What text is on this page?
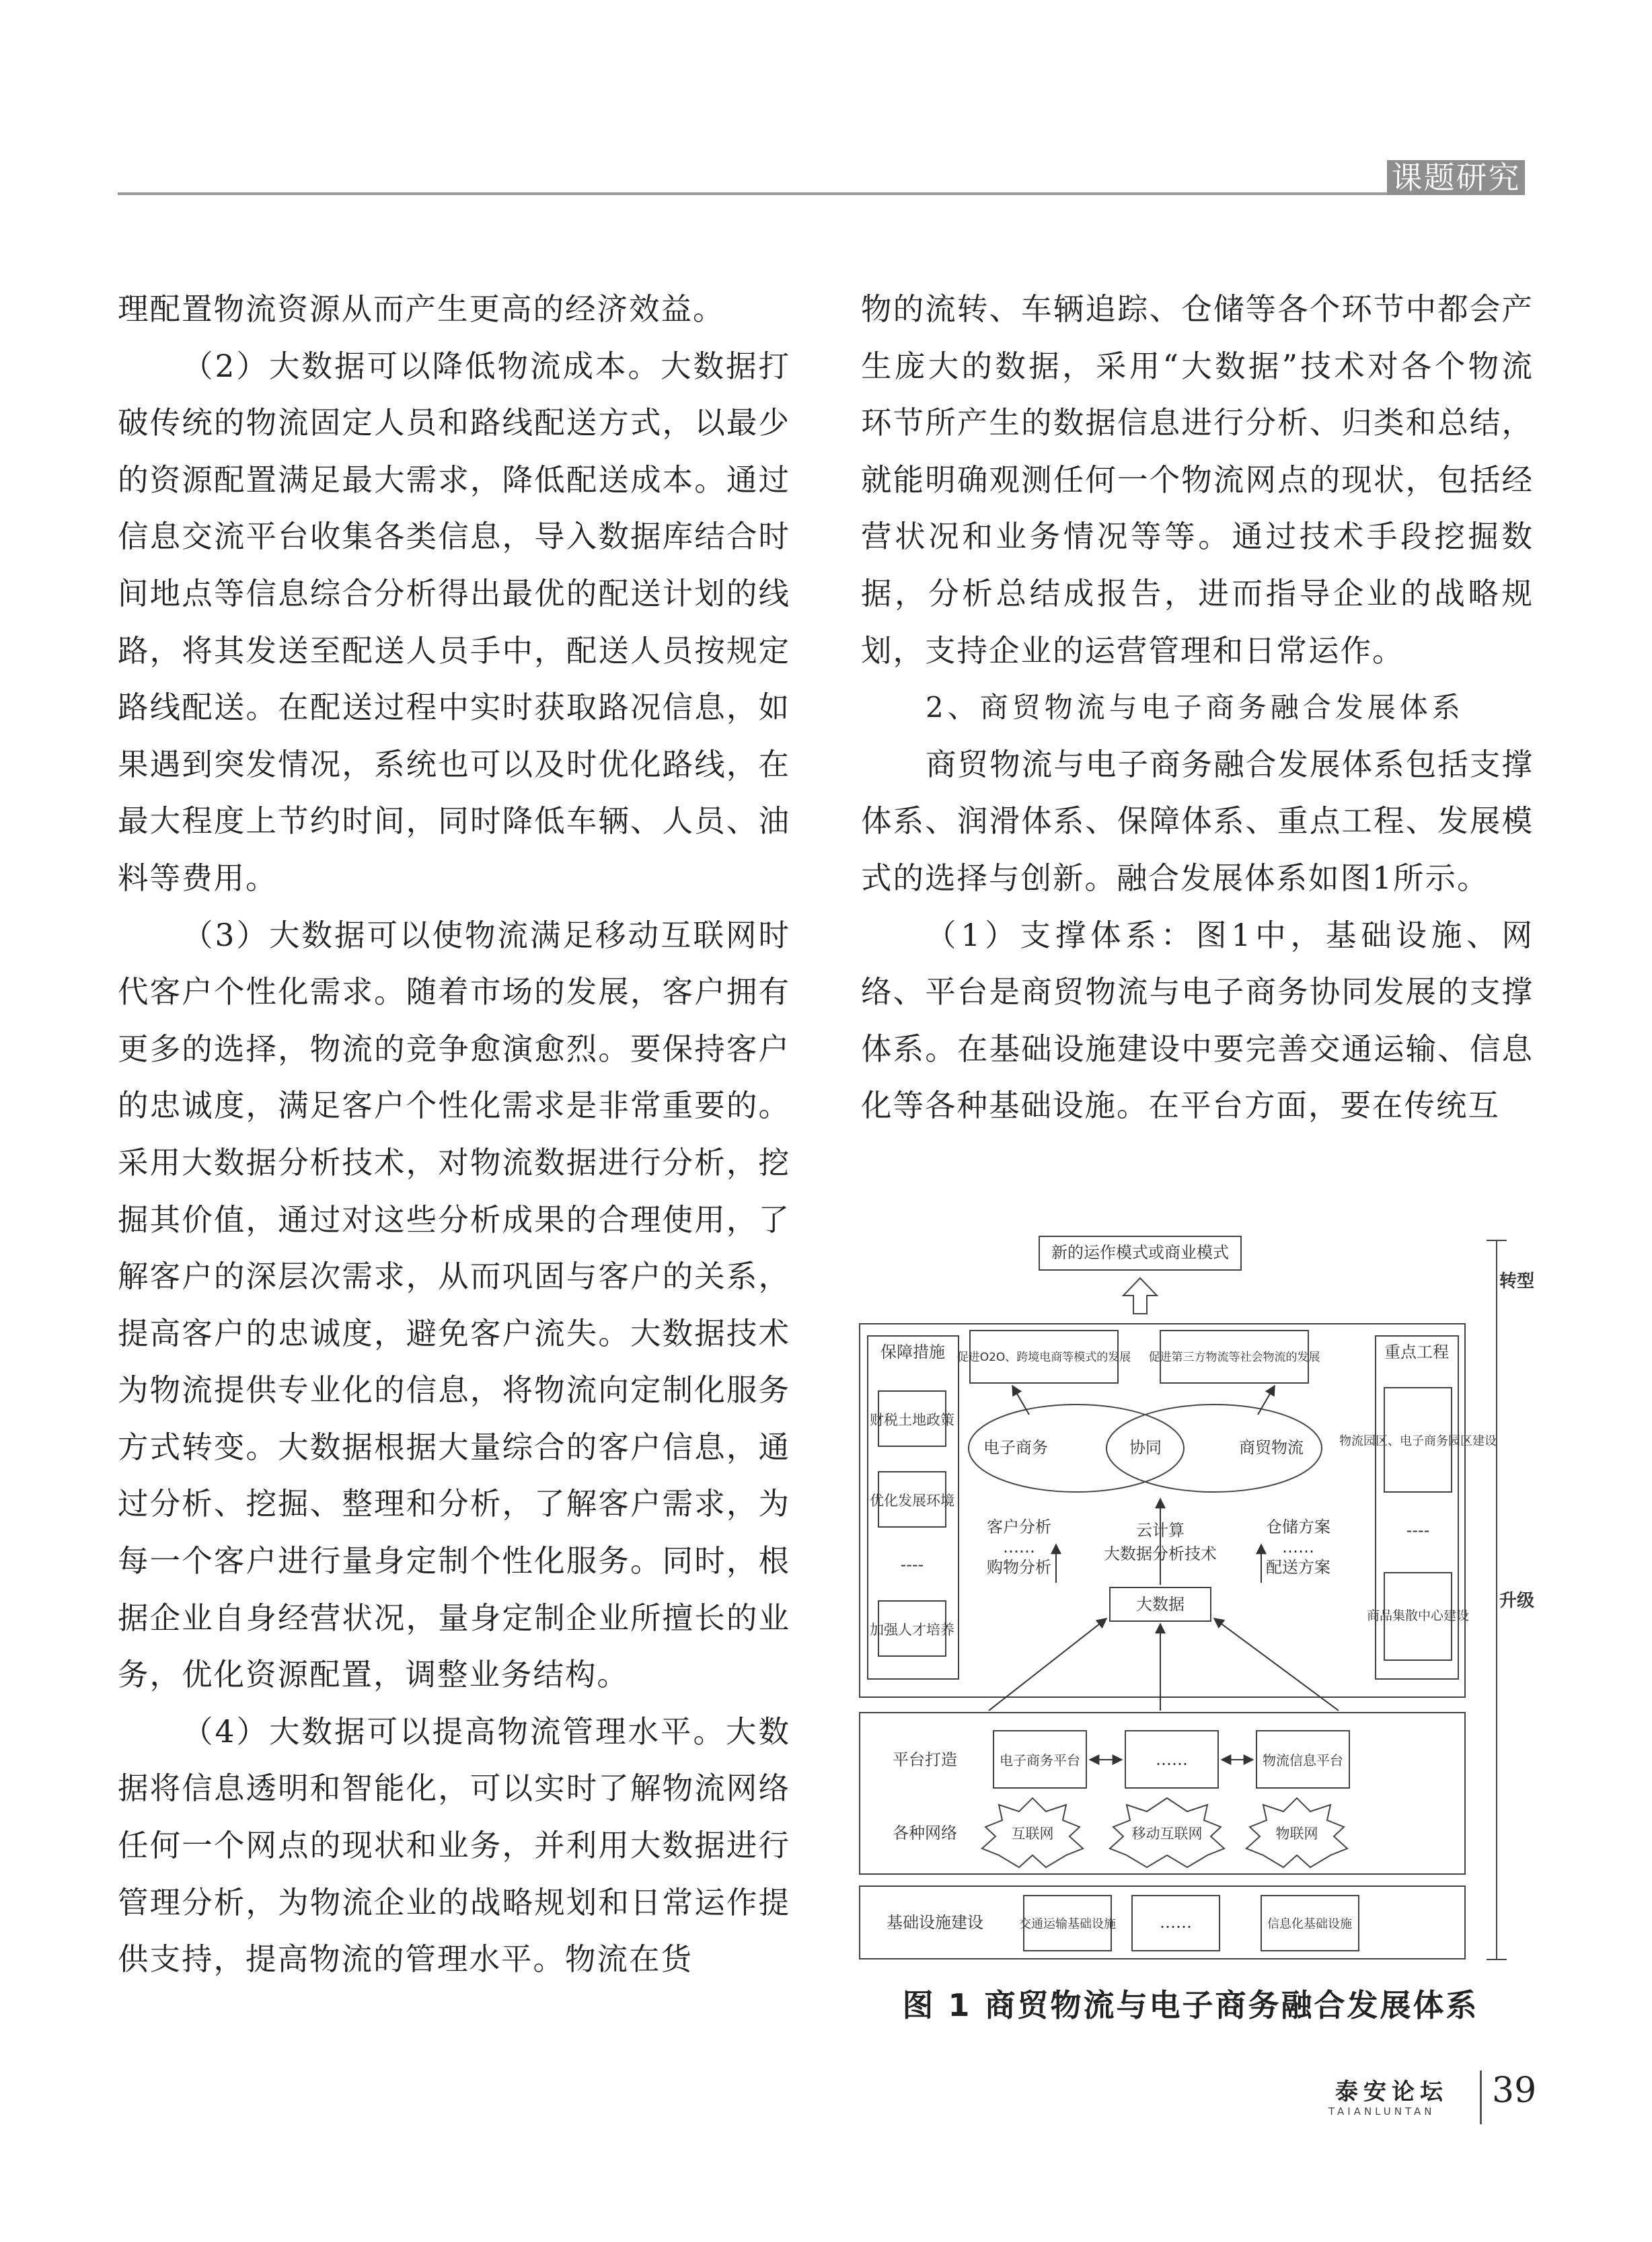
课题研究

理配置物流资源从而产生更高的经济效益。

（2）大数据可以降低物流成本。大数据打破传统的物流固定人员和路线配送方式，以最少的资源配置满足最大需求，降低配送成本。通过信息交流平台收集各类信息，导入数据库结合时间地点等信息综合分析得出最优的配送计划的线路，将其发送至配送人员手中，配送人员按规定路线配送。在配送过程中实时获取路况信息，如果遇到突发情况，系统也可以及时优化路线，在最大程度上节约时间，同时降低车辆、人员、油料等费用。

（3）大数据可以使物流满足移动互联网时代客户个性化需求。随着市场的发展，客户拥有更多的选择，物流的竞争愈演愈烈。要保持客户的忠诚度，满足客户个性化需求是非常重要的。采用大数据分析技术，对物流数据进行分析，挖掘其价值，通过对这些分析成果的合理使用，了解客户的深层次需求，从而巩固与客户的关系，提高客户的忠诚度，避免客户流失。大数据技术为物流提供专业化的信息，将物流向定制化服务方式转变。大数据根据大量综合的客户信息，通过分析、挖掘、整理和分析，了解客户需求，为每一个客户进行量身定制个性化服务。同时，根据企业自身经营状况，量身定制企业所擅长的业务，优化资源配置，调整业务结构。

（4）大数据可以提高物流管理水平。大数据将信息透明和智能化，可以实时了解物流网络任何一个网点的现状和业务，并利用大数据进行管理分析，为物流企业的战略规划和日常运作提供支持，提高物流的管理水平。物流在货

物的流转、车辆追踪、仓储等各个环节中都会产生庞大的数据，采用“大数据”技术对各个物流环节所产生的数据信息进行分析、归类和总结，就能明确观测任何一个物流网点的现状，包括经营状况和业务情况等等。通过技术手段挖掘数据，分析总结成报告，进而指导企业的战略规划，支持企业的运营管理和日常运作。

2、商贸物流与电子商务融合发展体系

商贸物流与电子商务融合发展体系包括支撑体系、润滑体系、保障体系、重点工程、发展模式的选择与创新。融合发展体系如图1所示。

（1）支撑体系：图1中，基础设施、网络、平台是商贸物流与电子商务协同发展的支撑体系。在基础设施建设中要完善交通运输、信息化等各种基础设施。在平台方面，要在传统互

新的运作模式或商业模式
转型
升级
保障措施
财税土地政策
优化发展环境
----
加强人才培养
重点工程
物流园区、电子商务园区建设
----
商品集散中心建设
促进O2O、跨境电商等模式的发展 促进第三方物流等社会物流的发展
电子商务	协同	商贸物流
客户分析
……
购物分析
云计算
大数据分析技术
仓储方案
……
配送方案
大数据
平台打造	电子商务平台	……	物流信息平台
各种网络	互联网	移动互联网	物联网
基础设施建设	交通运输基础设施	……	信息化基础设施
图 1 商贸物流与电子商务融合发展体系
泰安论坛
TAIANLUNTAN
39
